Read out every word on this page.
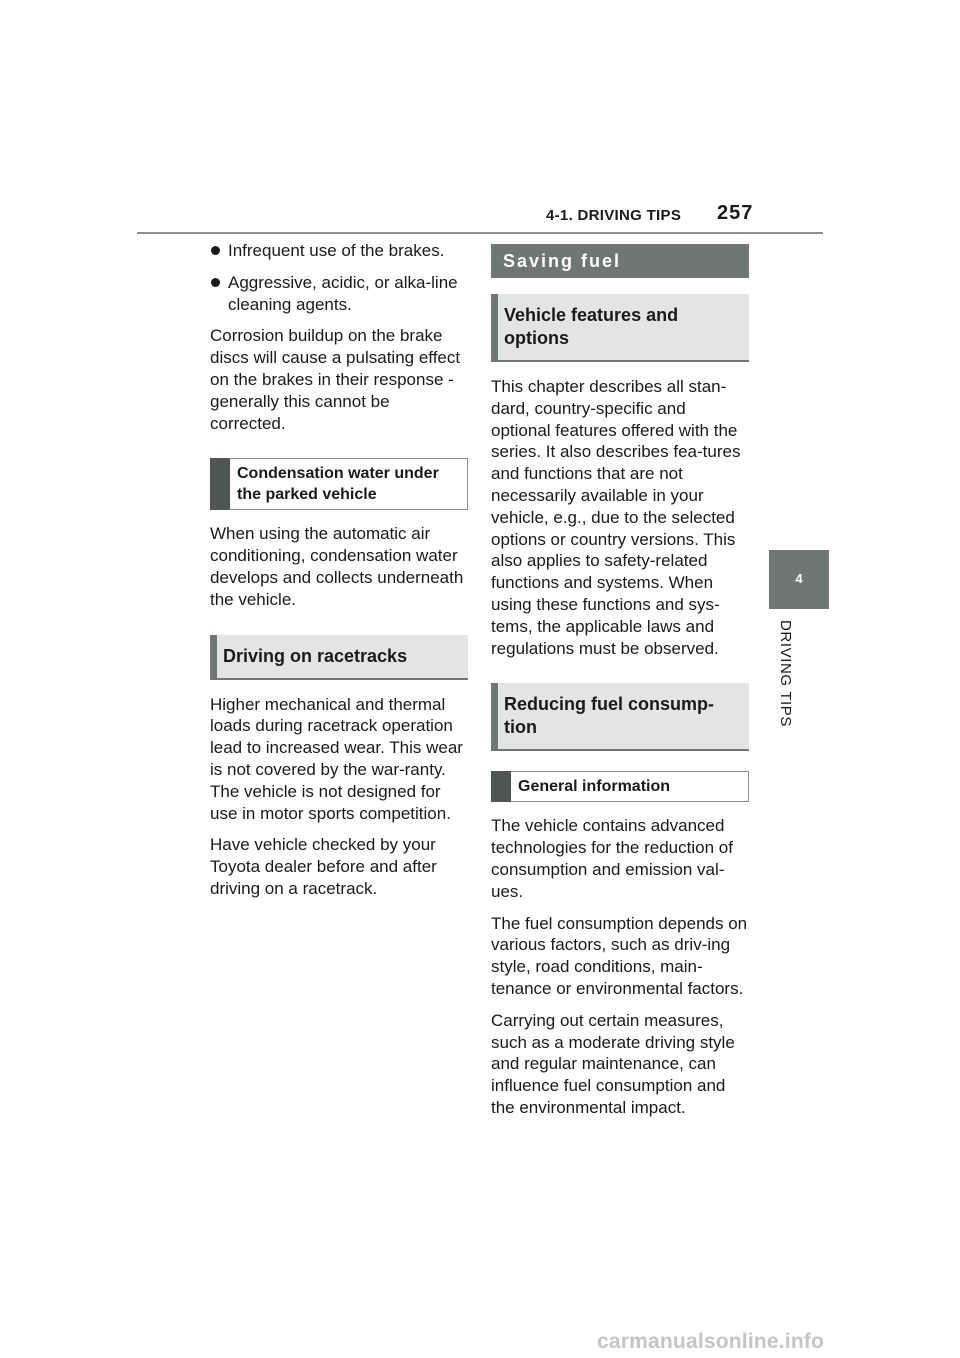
4-1. DRIVING TIPS 257
4
DRIVING TIPS
Infrequent use of the brakes.
Aggressive, acidic, or alka-line cleaning agents.

Corrosion buildup on the brake discs will cause a pulsating effect on the brakes in their response - generally this cannot be corrected.

Condensation water under the parked vehicle

When using the automatic air conditioning, condensation water develops and collects underneath the vehicle.

Driving on racetracks

Higher mechanical and thermal loads during racetrack operation lead to increased wear. This wear is not covered by the war-ranty. The vehicle is not designed for use in motor sports competition.

Have vehicle checked by your Toyota dealer before and after driving on a racetrack.

Saving fuel
Vehicle features and options

This chapter describes all stan-dard, country-specific and optional features offered with the series. It also describes fea-tures and functions that are not necessarily available in your vehicle, e.g., due to the selected options or country versions. This also applies to safety-related functions and systems. When using these functions and sys-tems, the applicable laws and regulations must be observed.

Reducing fuel consump-tion
General information

The vehicle contains advanced technologies for the reduction of consumption and emission val-ues.

The fuel consumption depends on various factors, such as driv-ing style, road conditions, main-tenance or environmental factors.

Carrying out certain measures, such as a moderate driving style and regular maintenance, can influence fuel consumption and the environmental impact.

carmanualsonline.info
